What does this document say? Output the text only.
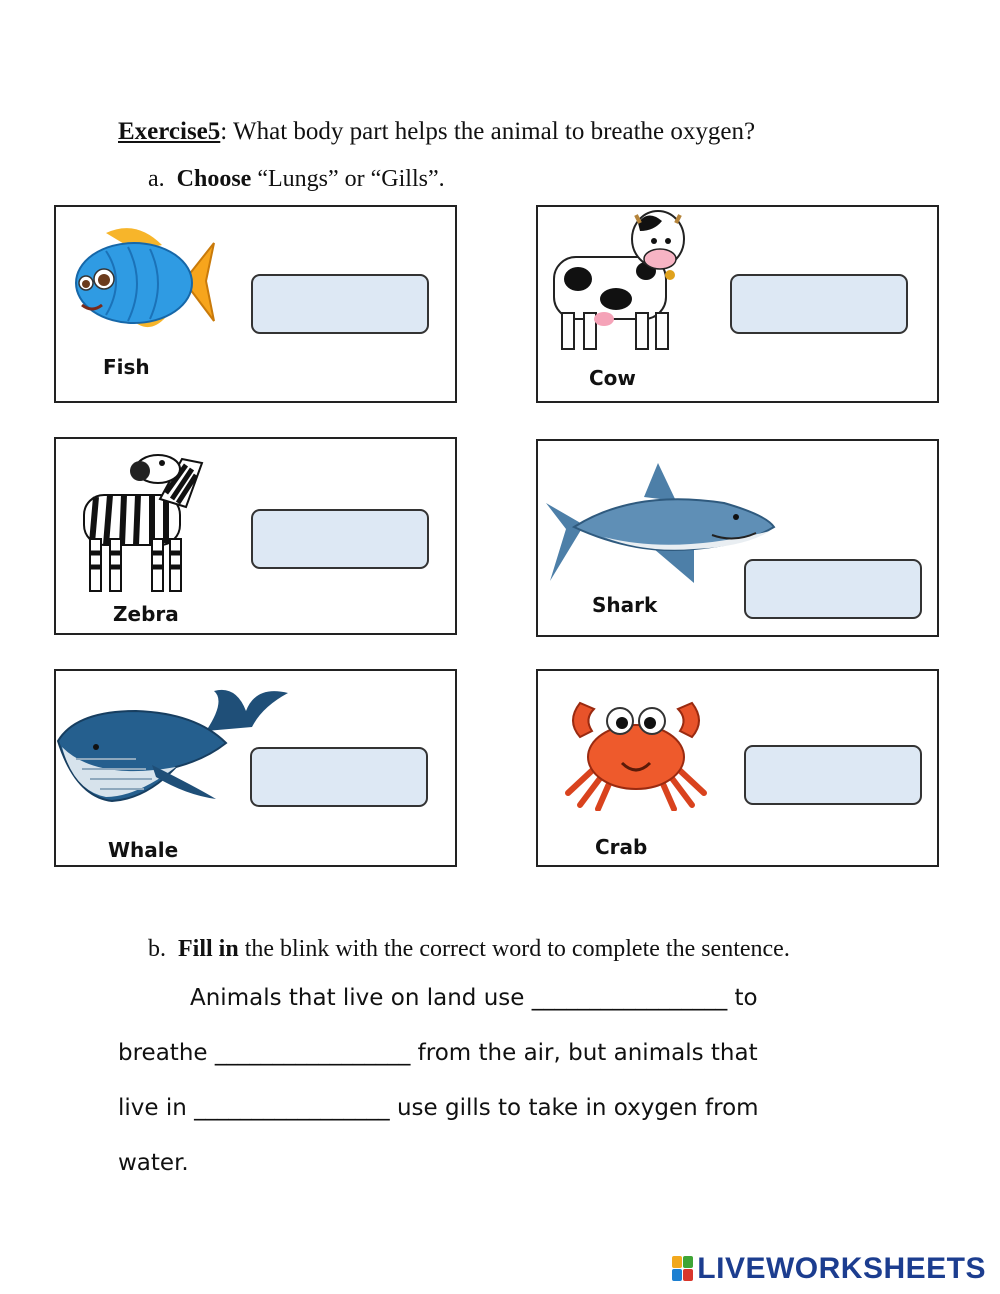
Exercise5: What body part helps the animal to breathe oxygen?
a. Choose “Lungs” or “Gills”.
Fish	Cow
Zebra	Shark
Whale	Crab
b. Fill in the blink with the correct word to complete the sentence.
Animals that live on land use _________________ to
breathe _________________ from the air, but animals that
live in _________________ use gills to take in oxygen from
water.
LIVEWORKSHEETS
